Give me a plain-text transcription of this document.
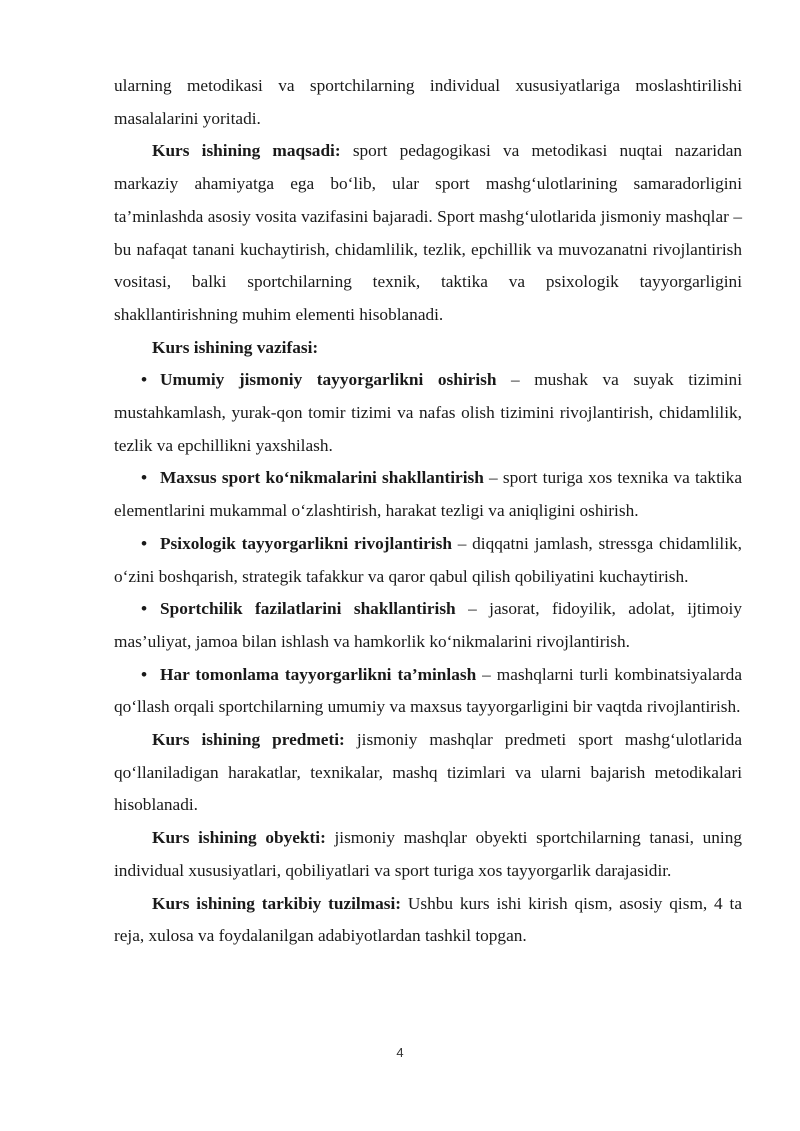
ularning metodikasi va sportchilarning individual xususiyatlariga moslashtirilishi masalalarini yoritadi.

Kurs ishining maqsadi: sport pedagogikasi va metodikasi nuqtai nazaridan markaziy ahamiyatga ega bo‘lib, ular sport mashg‘ulotlarining samaradorligini ta’minlashda asosiy vosita vazifasini bajaradi. Sport mashg‘ulotlarida jismoniy mashqlar – bu nafaqat tanani kuchaytirish, chidamlilik, tezlik, epchillik va muvozanatni rivojlantirish vositasi, balki sportchilarning texnik, taktika va psixologik tayyorgarligini shakllantirishning muhim elementi hisoblanadi.

Kurs ishining vazifasi:

• Umumiy jismoniy tayyorgarlikni oshirish – mushak va suyak tizimini mustahkamlash, yurak-qon tomir tizimi va nafas olish tizimini rivojlantirish, chidamlilik, tezlik va epchillikni yaxshilash.

• Maxsus sport ko‘nikmalarini shakllantirish – sport turiga xos texnika va taktika elementlarini mukammal o‘zlashtirish, harakat tezligi va aniqligini oshirish.

• Psixologik tayyorgarlikni rivojlantirish – diqqatni jamlash, stressga chidamlilik, o‘zini boshqarish, strategik tafakkur va qaror qabul qilish qobiliyatini kuchaytirish.

• Sportchilik fazilatlarini shakllantirish – jasorat, fidoyilik, adolat, ijtimoiy mas’uliyat, jamoa bilan ishlash va hamkorlik ko‘nikmalarini rivojlantirish.

• Har tomonlama tayyorgarlikni ta’minlash – mashqlarni turli kombinatsiyalarda qo‘llash orqali sportchilarning umumiy va maxsus tayyorgarligini bir vaqtda rivojlantirish.

Kurs ishining predmeti: jismoniy mashqlar predmeti sport mashg‘ulotlarida qo‘llaniladigan harakatlar, texnikalar, mashq tizimlari va ularni bajarish metodikalari hisoblanadi.

Kurs ishining obyekti: jismoniy mashqlar obyekti sportchilarning tanasi, uning individual xususiyatlari, qobiliyatlari va sport turiga xos tayyorgarlik darajasidir.

Kurs ishining tarkibiy tuzilmasi: Ushbu kurs ishi kirish qism, asosiy qism, 4 ta reja, xulosa va foydalanilgan adabiyotlardan tashkil topgan.

4
